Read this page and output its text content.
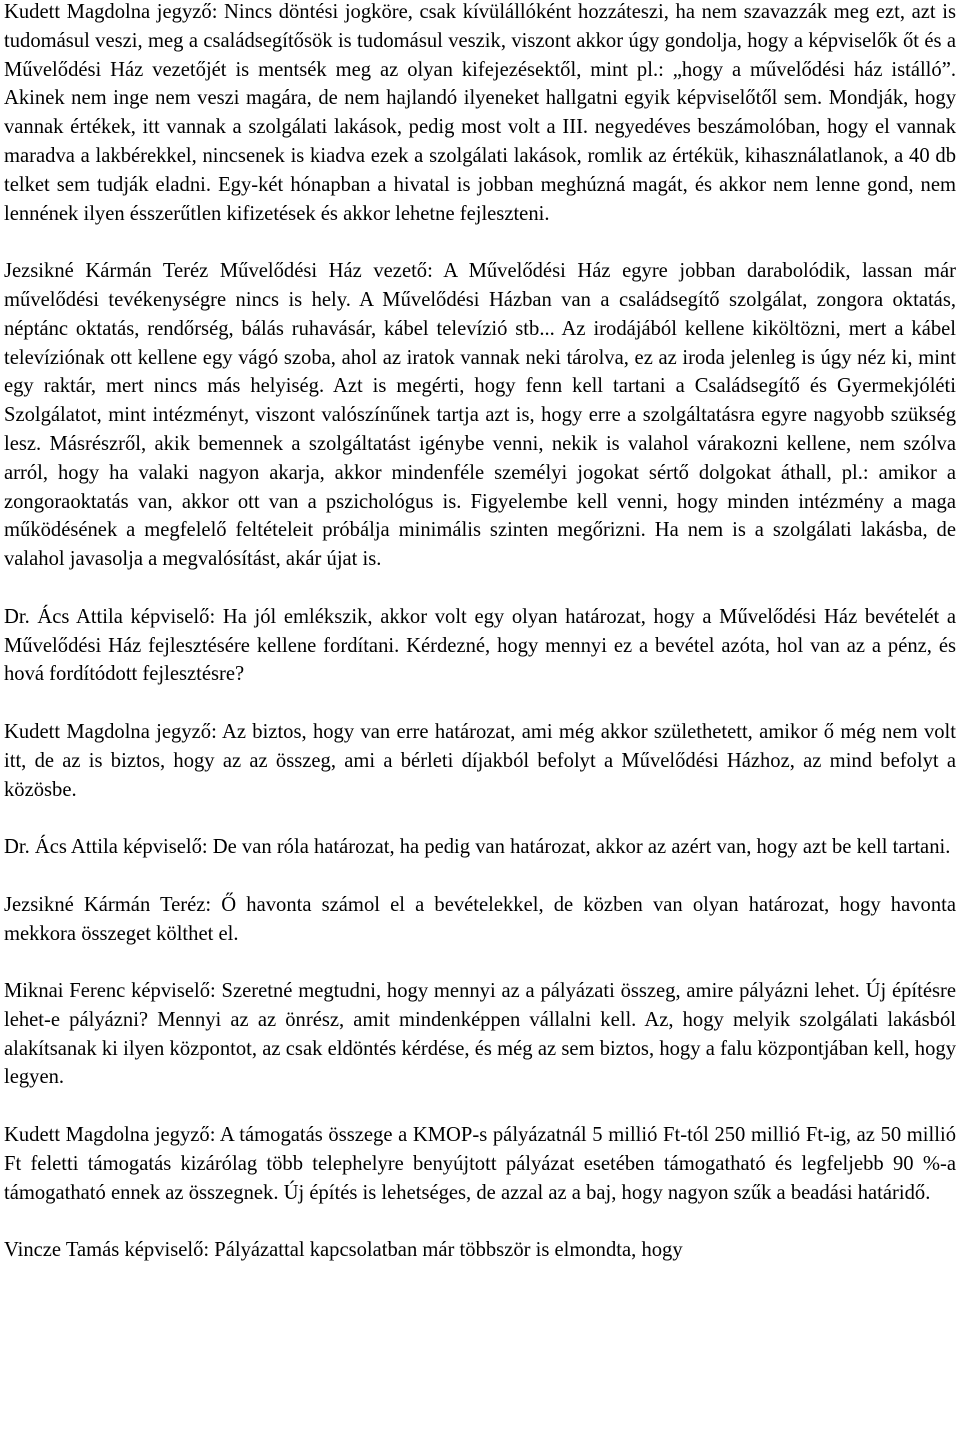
Kudett Magdolna jegyző: Nincs döntési jogköre, csak kívülállóként hozzáteszi, ha nem szavazzák meg ezt, azt is tudomásul veszi, meg a családsegítősök is tudomásul veszik, viszont akkor úgy gondolja, hogy a képviselők őt és a Művelődési Ház vezetőjét is mentsék meg az olyan kifejezésektől, mint pl.: „hogy a művelődési ház istálló”. Akinek nem inge nem veszi magára, de nem hajlandó ilyeneket hallgatni egyik képviselőtől sem. Mondják, hogy vannak értékek, itt vannak a szolgálati lakások, pedig most volt a III. negyedéves beszámolóban, hogy el vannak maradva a lakbérekkel, nincsenek is kiadva ezek a szolgálati lakások, romlik az értékük, kihasználatlanok, a 40 db telket sem tudják eladni. Egy-két hónapban a hivatal is jobban meghúzná magát, és akkor nem lenne gond, nem lennének ilyen ésszerűtlen kifizetések és akkor lehetne fejleszteni.

Jezsikné Kármán Teréz Művelődési Ház vezető: A Művelődési Ház egyre jobban darabolódik, lassan már művelődési tevékenységre nincs is hely. A Művelődési Házban van a családsegítő szolgálat, zongora oktatás, néptánc oktatás, rendőrség, bálás ruhavásár, kábel televízió stb... Az irodájából kellene kiköltözni, mert a kábel televíziónak ott kellene egy vágó szoba, ahol az iratok vannak neki tárolva, ez az iroda jelenleg is úgy néz ki, mint egy raktár, mert nincs más helyiség. Azt is megérti, hogy fenn kell tartani a Családsegítő és Gyermekjóléti Szolgálatot, mint intézményt, viszont valószínűnek tartja azt is, hogy erre a szolgáltatásra egyre nagyobb szükség lesz. Másrészről, akik bemennek a szolgáltatást igénybe venni, nekik is valahol várakozni kellene, nem szólva arról, hogy ha valaki nagyon akarja, akkor mindenféle személyi jogokat sértő dolgokat áthall, pl.: amikor a zongoraoktatás van, akkor ott van a pszichológus is. Figyelembe kell venni, hogy minden intézmény a maga működésének a megfelelő feltételeit próbálja minimális szinten megőrizni. Ha nem is a szolgálati lakásba, de valahol javasolja a megvalósítást, akár újat is.

Dr. Ács Attila képviselő: Ha jól emlékszik, akkor volt egy olyan határozat, hogy a Művelődési Ház bevételét a Művelődési Ház fejlesztésére kellene fordítani. Kérdezné, hogy mennyi ez a bevétel azóta, hol van az a pénz, és hová fordítódott fejlesztésre?

Kudett Magdolna jegyző: Az biztos, hogy van erre határozat, ami még akkor születhetett, amikor ő még nem volt itt, de az is biztos, hogy az az összeg, ami a bérleti díjakból befolyt a Művelődési Házhoz, az mind befolyt a közösbe.

Dr. Ács Attila képviselő: De van róla határozat, ha pedig van határozat, akkor az azért van, hogy azt be kell tartani.

Jezsikné Kármán Teréz: Ő havonta számol el a bevételekkel, de közben van olyan határozat, hogy havonta mekkora összeget költhet el.

Miknai Ferenc képviselő: Szeretné megtudni, hogy mennyi az a pályázati összeg, amire pályázni lehet. Új építésre lehet-e pályázni? Mennyi az az önrész, amit mindenképpen vállalni kell. Az, hogy melyik szolgálati lakásból alakítsanak ki ilyen központot, az csak eldöntés kérdése, és még az sem biztos, hogy a falu központjában kell, hogy legyen.

Kudett Magdolna jegyző: A támogatás összege a KMOP-s pályázatnál 5 millió Ft-tól 250 millió Ft-ig, az 50 millió Ft feletti támogatás kizárólag több telephelyre benyújtott pályázat esetében támogatható és legfeljebb 90 %-a támogatható ennek az összegnek. Új építés is lehetséges, de azzal az a baj, hogy nagyon szűk a beadási határidő.

Vincze Tamás képviselő: Pályázattal kapcsolatban már többször is elmondta, hogy
